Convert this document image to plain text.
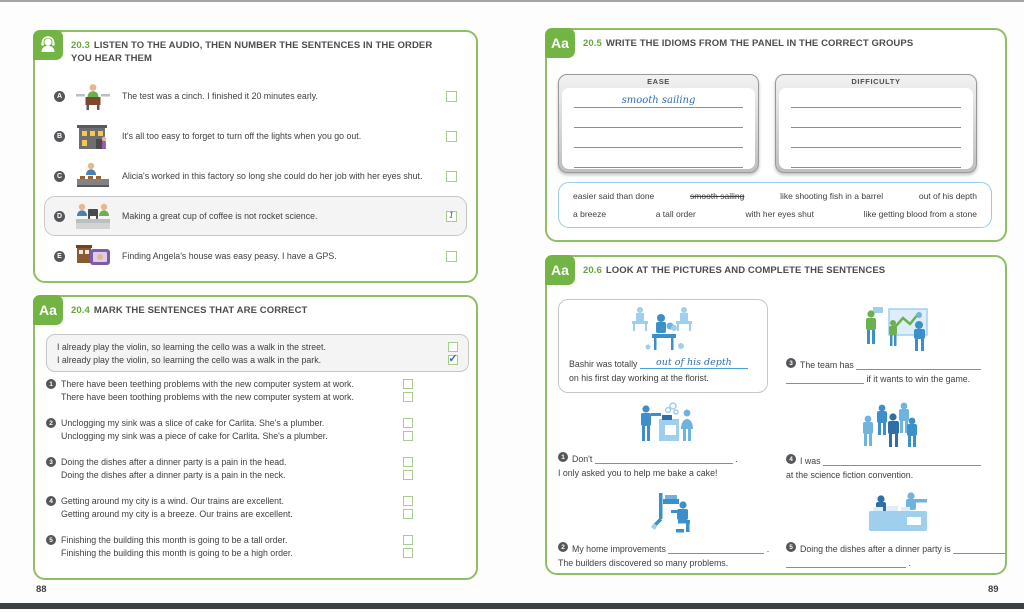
20.3 LISTEN TO THE AUDIO, THEN NUMBER THE SENTENCES IN THE ORDER YOU HEAR THEM
A	The test was a cinch. I finished it 20 minutes early.
B	It's all too easy to forget to turn off the lights when you go out.
C	Alicia's worked in this factory so long she could do her job with her eyes shut.
D	Making a great cup of coffee is not rocket science.	1
E	Finding Angela's house was easy peasy. I have a GPS.
Aa	20.4 MARK THE SENTENCES THAT ARE CORRECT
I already play the violin, so learning the cello was a walk in the street.
I already play the violin, so learning the cello was a walk in the park.	✓
1 There have been teething problems with the new computer system at work.
There have been toothing problems with the new computer system at work.
2 Unclogging my sink was a slice of cake for Carlita. She's a plumber.
Unclogging my sink was a piece of cake for Carlita. She's a plumber.
3 Doing the dishes after a dinner party is a pain in the head.
Doing the dishes after a dinner party is a pain in the neck.
4 Getting around my city is a wind. Our trains are excellent.
Getting around my city is a breeze. Our trains are excellent.
5 Finishing the building this month is going to be a tall order.
Finishing the building this month is going to be a high order.
88
Aa	20.5 WRITE THE IDIOMS FROM THE PANEL IN THE CORRECT GROUPS
EASE
smooth sailing
DIFFICULTY
easier said than done	smooth sailing	like shooting fish in a barrel	out of his depth
a breeze	a tall order	with her eyes shut	like getting blood from a stone
Aa	20.6 LOOK AT THE PICTURES AND COMPLETE THE SENTENCES
Bashir was totally
	out of his depth
on his first day working at the florist.
3 The team has

if it wants to win the game.
1 Don't

	.
I only asked you to help me bake a cake!
4 I was

at the science fiction convention.
2 My home improvements

	.
The builders discovered so many problems.
5 Doing the dishes after a dinner party is

.
89
